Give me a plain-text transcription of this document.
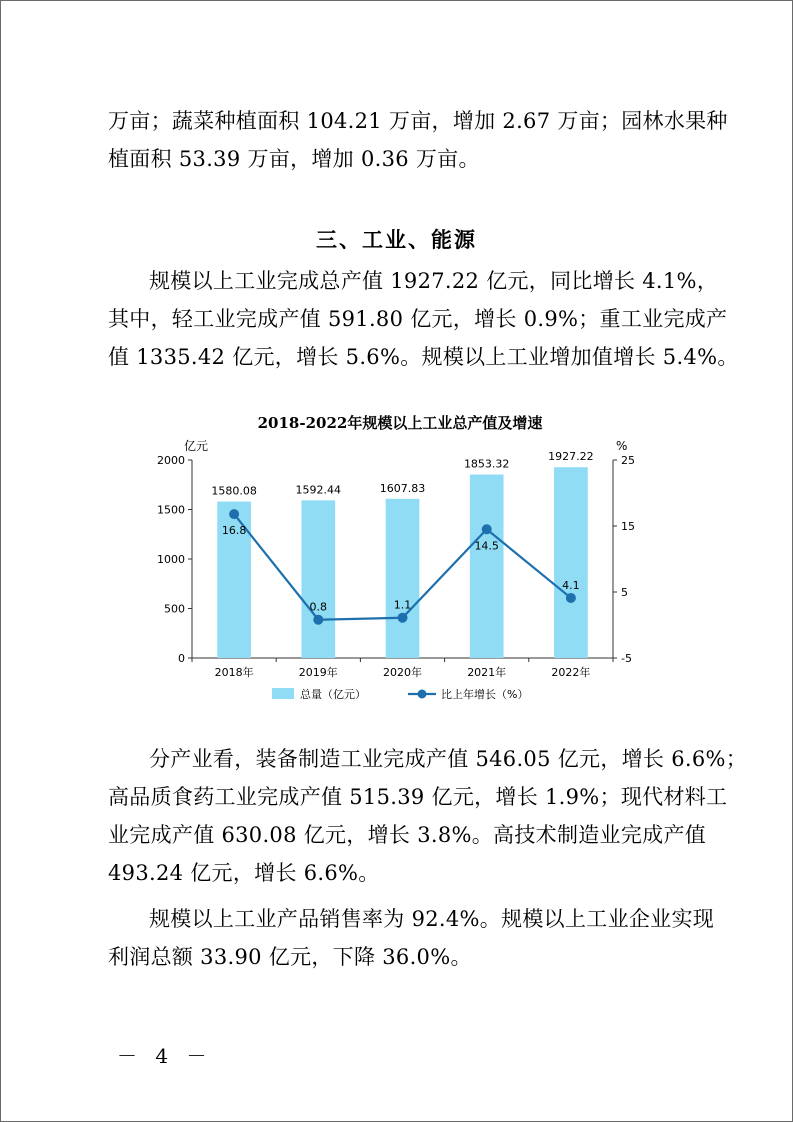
万亩；蔬菜种植面积 104.21 万亩，增加 2.67 万亩；园林水果种
植面积 53.39 万亩，增加 0.36 万亩。

三、工业、能源

规模以上工业完成总产值 1927.22 亿元，同比增长 4.1%，
其中，轻工业完成产值 591.80 亿元，增长 0.9%；重工业完成产
值 1335.42 亿元，增长 5.6%。规模以上工业增加值增长 5.4%。

2018-2022年规模以上工业总产值及增速
亿元	%
0
500
1000
1500
2000
-5
5
15
25
2018年	2019年	2020年	2021年	2022年
1580.08	1592.44	1607.83
1853.32
1927.22
16.8
0.8	1.1
14.5
4.1
总量（亿元）	比上年增长（%）

分产业看，装备制造工业完成产值 546.05 亿元，增长 6.6%；
高品质食药工业完成产值 515.39 亿元，增长 1.9%；现代材料工
业完成产值 630.08 亿元，增长 3.8%。高技术制造业完成产值
493.24 亿元，增长 6.6%。

规模以上工业产品销售率为 92.4%。规模以上工业企业实现
利润总额 33.90 亿元，下降 36.0%。

－ 4 －
